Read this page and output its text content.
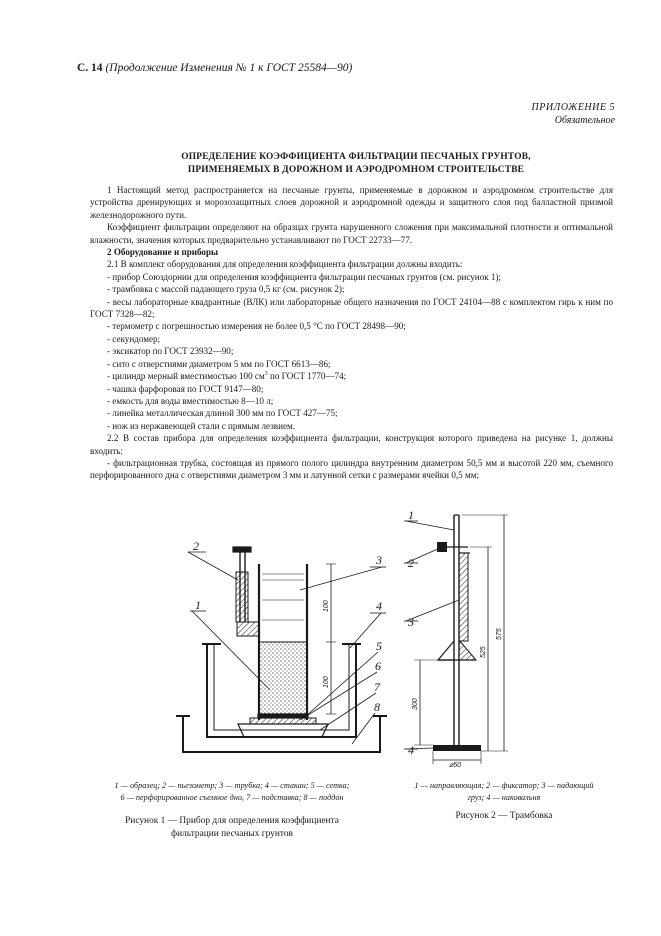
С. 14 (Продолжение Изменения № 1 к ГОСТ 25584—90)
ПРИЛОЖЕНИЕ 5
Обязательное
ОПРЕДЕЛЕНИЕ КОЭФФИЦИЕНТА ФИЛЬТРАЦИИ ПЕСЧАНЫХ ГРУНТОВ,
ПРИМЕНЯЕМЫХ В ДОРОЖНОМ И АЭРОДРОМНОМ СТРОИТЕЛЬСТВЕ

1 Настоящий метод распространяется на песчаные грунты, применяемые в дорожном и аэродромном строительстве для устройства дренирующих и морозозащитных слоев дорожной и аэродромной одежды и защитного слоя под балластной призмой железнодорожного пути.

Коэффициент фильтрации определяют на образцах грунта нарушенного сложения при максимальной плотности и оптимальной влажности, значения которых предварительно устанавливают по ГОСТ 22733—77.

2 Оборудование и приборы

2.1 В комплект оборудования для определения коэффициента фильтрации должны входить:

- прибор Союздорнии для определения коэффициента фильтрации песчаных грунтов (см. рисунок 1);

- трамбовка с массой падающего груза 0,5 кг (см. рисунок 2);

- весы лабораторные квадрантные (ВЛК) или лабораторные общего назначения по ГОСТ 24104—88 с комплектом гирь к ним по ГОСТ 7328—82;

- термометр с погрешностью измерения не более 0,5 °С по ГОСТ 28498—90;

- секундомер;

- эксикатор по ГОСТ 23932—90;

- сито с отверстиями диаметром 5 мм по ГОСТ 6613—86;

- цилиндр мерный вместимостью 100 $см^3$ по ГОСТ 1770—74;

- чашка фарфоровая по ГОСТ 9147—80;

- емкость для воды вместимостью 8—10 л;

- линейка металлическая длиной 300 мм по ГОСТ 427—75;

- нож из нержавеющей стали с прямым лезвием.

2.2 В состав прибора для определения коэффициента фильтрации, конструкция которого приведена на рисунке 1, должны входить:

- фильтрационная трубка, состоящая из прямого полого цилиндра внутренним диаметром 50,5 мм и высотой 220 мм, съемного перфорированного дна с отверстиями диаметром 3 мм и латунной сетки с размерами ячейки 0,5 мм;

2
1
3
4
5
6
7
8
100
100
1
2
3
4
575
525
300
⌀50
1 — образец; 2 — пьезометр; 3 — трубка; 4 — стакан; 5 — сетка;
6 — перфорированное съемное дно, 7 — подставка; 8 — поддон
Рисунок 1 — Прибор для определения коэффициента
фильтрации песчаных грунтов
1 — направляющая; 2 — фиксатор; 3 — падающий
груз; 4 — наковальня
Рисунок 2 — Трамбовка
